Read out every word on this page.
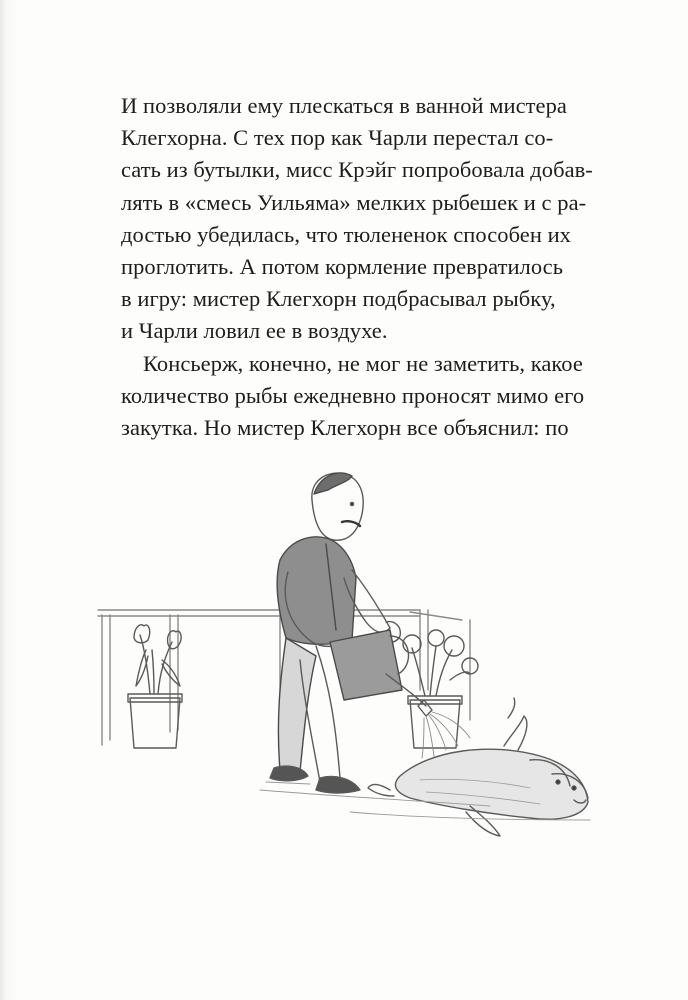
И позволяли ему плескаться в ванной мистера
Клегхорна. С тех пор как Чарли перестал со-
сать из бутылки, мисс Крэйг попробовала добав-
лять в «смесь Уильяма» мелких рыбешек и с ра-
достью убедилась, что тюлененок способен их
проглотить. А потом кормление превратилось
в игру: мистер Клегхорн подбрасывал рыбку,
и Чарли ловил ее в воздухе.
Консьерж, конечно, не мог не заметить, какое
количество рыбы ежедневно проносят мимо его
закутка. Но мистер Клегхорн все объяснил: по
